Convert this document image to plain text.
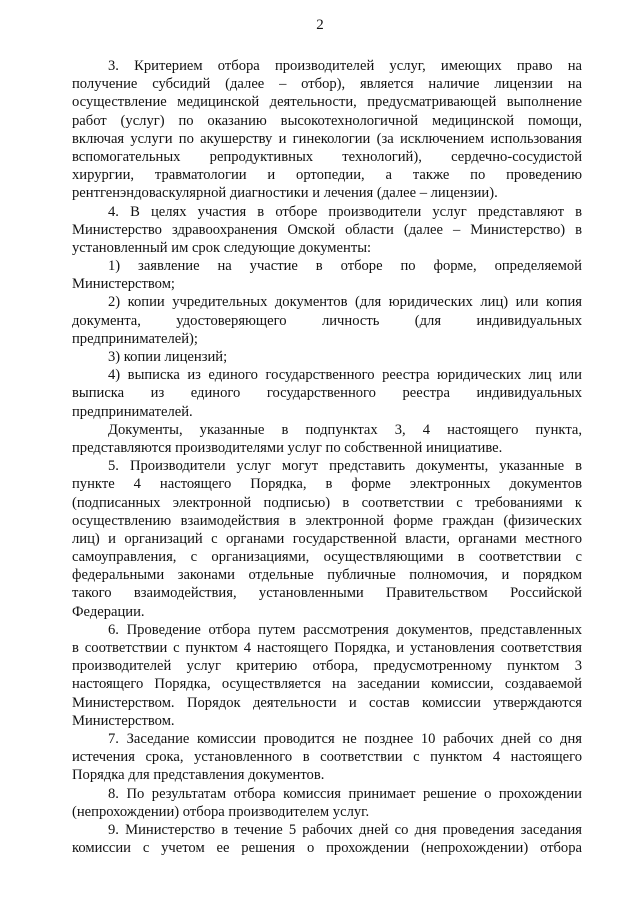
2
3. Критерием отбора производителей услуг, имеющих право на
получение субсидий (далее – отбор), является наличие лицензии на
осуществление медицинской деятельности, предусматривающей выполнение
работ (услуг) по оказанию высокотехнологичной медицинской помощи,
включая услуги по акушерству и гинекологии (за исключением использования
вспомогательных репродуктивных технологий), сердечно-сосудистой
хирургии, травматологии и ортопедии, а также по проведению
рентгенэндоваскулярной диагностики и лечения (далее – лицензии).
4. В целях участия в отборе производители услуг представляют в
Министерство здравоохранения Омской области (далее – Министерство) в
установленный им срок следующие документы:
1) заявление на участие в отборе по форме, определяемой
Министерством;
2) копии учредительных документов (для юридических лиц) или копия
документа, удостоверяющего личность (для индивидуальных
предпринимателей);
3) копии лицензий;
4) выписка из единого государственного реестра юридических лиц или
выписка из единого государственного реестра индивидуальных
предпринимателей.
Документы, указанные в подпунктах 3, 4 настоящего пункта,
представляются производителями услуг по собственной инициативе.
5. Производители услуг могут представить документы, указанные в
пункте 4 настоящего Порядка, в форме электронных документов
(подписанных электронной подписью) в соответствии с требованиями к
осуществлению взаимодействия в электронной форме граждан (физических
лиц) и организаций с органами государственной власти, органами местного
самоуправления, с организациями, осуществляющими в соответствии с
федеральными законами отдельные публичные полномочия, и порядком
такого взаимодействия, установленными Правительством Российской
Федерации.
6. Проведение отбора путем рассмотрения документов, представленных
в соответствии с пунктом 4 настоящего Порядка, и установления соответствия
производителей услуг критерию отбора, предусмотренному пунктом 3
настоящего Порядка, осуществляется на заседании комиссии, создаваемой
Министерством. Порядок деятельности и состав комиссии утверждаются
Министерством.
7. Заседание комиссии проводится не позднее 10 рабочих дней со дня
истечения срока, установленного в соответствии с пунктом 4 настоящего
Порядка для представления документов.
8. По результатам отбора комиссия принимает решение о прохождении
(непрохождении) отбора производителем услуг.
9. Министерство в течение 5 рабочих дней со дня проведения заседания
комиссии с учетом ее решения о прохождении (непрохождении) отбора
